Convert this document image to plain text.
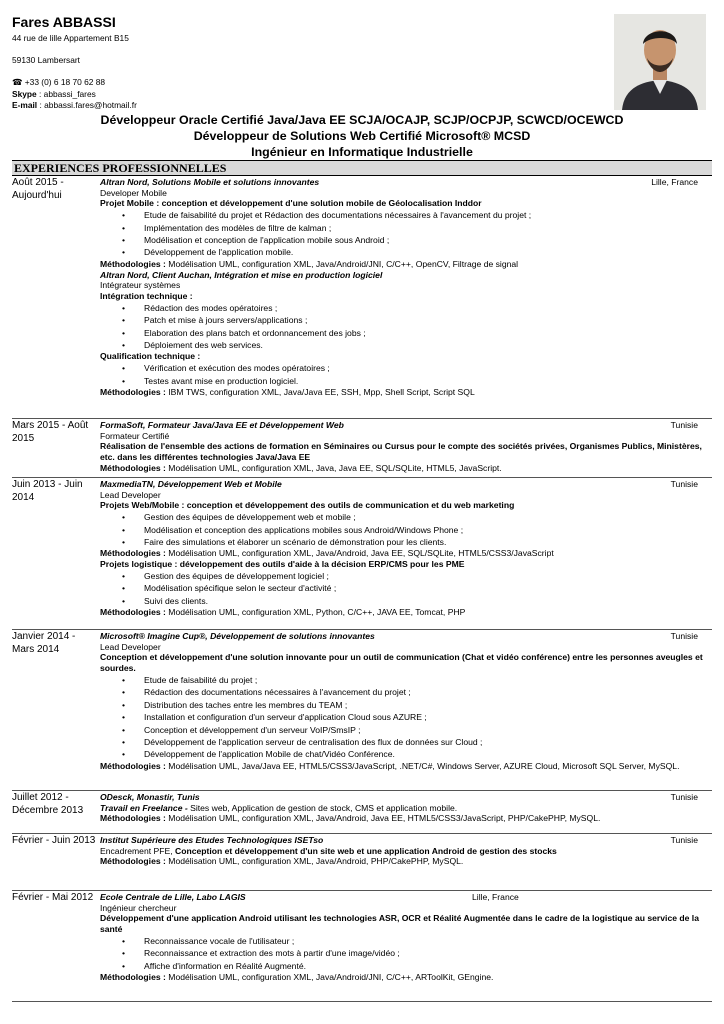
Fares ABBASSI
44 rue de lille Appartement B15
59130 Lambersart
☎ +33 (0) 6 18 70 62 88
Skype : abbassi_fares
E-mail : abbassi.fares@hotmail.fr
Développeur Oracle Certifié Java/Java EE SCJA/OCAJP, SCJP/OCPJP, SCWCD/OCEWCD
Développeur de Solutions Web Certifié Microsoft® MCSD
Ingénieur en Informatique Industrielle
EXPERIENCES PROFESSIONNELLES
Août 2015 - Aujourd'hui
Altran Nord, Solutions Mobile et solutions innovantes	Lille, France

Developer Mobile

Projet Mobile : conception et développement d'une solution mobile de Géolocalisation Inddor

• Etude de faisabilité du projet et Rédaction des documentations nécessaires à l'avancement du projet ;
• Implémentation des modèles de filtre de kalman ;
• Modélisation et conception de l'application mobile sous Android ;
• Développement de l'application mobile.

Méthodologies : Modélisation UML, configuration XML, Java/Android/JNI, C/C++, OpenCV, Filtrage de signal

Altran Nord, Client Auchan, Intégration et mise en production logiciel

Intégrateur systèmes

Intégration technique :

• Rédaction des modes opératoires ;
• Patch et mise à jours servers/applications ;
• Elaboration des plans batch et ordonnancement des jobs ;
• Déploiement des web services.

Qualification technique :

• Vérification et exécution des modes opératoires ;
• Testes avant mise en production logiciel.

Méthodologies : IBM TWS, configuration XML, Java/Java EE, SSH, Mpp, Shell Script, Script SQL

Mars 2015 - Août 2015
FormaSoft, Formateur Java/Java EE et Développement Web	Tunisie

Formateur Certifié

Réalisation de l'ensemble des actions de formation en Séminaires ou Cursus pour le compte des sociétés privées, Organismes Publics, Ministères, etc. dans les différentes technologies Java/Java EE

Méthodologies : Modélisation UML, configuration XML, Java, Java EE, SQL/SQLite, HTML5, JavaScript.

Juin 2013 - Juin 2014
MaxmediaTN, Développement Web et Mobile	Tunisie

Lead Developer

Projets Web/Mobile : conception et développement des outils de communication et du web marketing

• Gestion des équipes de développement web et mobile ;
• Modélisation et conception des applications mobiles sous Android/Windows Phone ;
• Faire des simulations et élaborer un scénario de démonstration pour les clients.

Méthodologies : Modélisation UML, configuration XML, Java/Android, Java EE, SQL/SQLite, HTML5/CSS3/JavaScript

Projets logistique : développement des outils d'aide à la décision ERP/CMS pour les PME

• Gestion des équipes de développement logiciel ;
• Modélisation spécifique selon le secteur d'activité ;
• Suivi des clients.

Méthodologies : Modélisation UML, configuration XML, Python, C/C++, JAVA EE, Tomcat, PHP

Janvier 2014 - Mars 2014
Microsoft® Imagine Cup®, Développement de solutions innovantes	Tunisie

Lead Developer

Conception et développement d'une solution innovante pour un outil de communication (Chat et vidéo conférence) entre les personnes aveugles et sourdes.

• Etude de faisabilité du projet ;
• Rédaction des documentations nécessaires à l'avancement du projet ;
• Distribution des taches entre les membres du TEAM ;
• Installation et configuration d'un serveur d'application Cloud sous AZURE ;
• Conception et développement d'un serveur VoIP/SmsIP ;
• Développement de l'application serveur de centralisation des flux de données sur Cloud ;
• Développement de l'application Mobile de chat/Vidéo Conférence.

Méthodologies : Modélisation UML, Java/Java EE, HTML5/CSS3/JavaScript, .NET/C#, Windows Server, AZURE Cloud, Microsoft SQL Server, MySQL.

Juillet 2012 - Décembre 2013
ODesck, Monastir, Tunis	Tunisie

Travail en Freelance - Sites web, Application de gestion de stock, CMS et application mobile.

Méthodologies : Modélisation UML, configuration XML, Java/Android, Java EE, HTML5/CSS3/JavaScript, PHP/CakePHP, MySQL.

Février - Juin 2013 Institut Supérieure des Etudes Technologiques ISETso	Tunisie

Encadrement PFE, Conception et développement d'un site web et une application Android de gestion des stocks

Méthodologies : Modélisation UML, configuration XML, Java/Android, PHP/CakePHP, MySQL.

Février - Mai 2012 Ecole Centrale de Lille, Labo LAGIS	Lille, France

Ingénieur chercheur

Développement d'une application Android utilisant les technologies ASR, OCR et Réalité Augmentée dans le cadre de la logistique au service de la santé

• Reconnaissance vocale de l'utilisateur ;
• Reconnaissance et extraction des mots à partir d'une image/vidéo ;
• Affiche d'information en Réalité Augmenté.

Méthodologies : Modélisation UML, configuration XML, Java/Android/JNI, C/C++, ARToolKit, GEngine.
